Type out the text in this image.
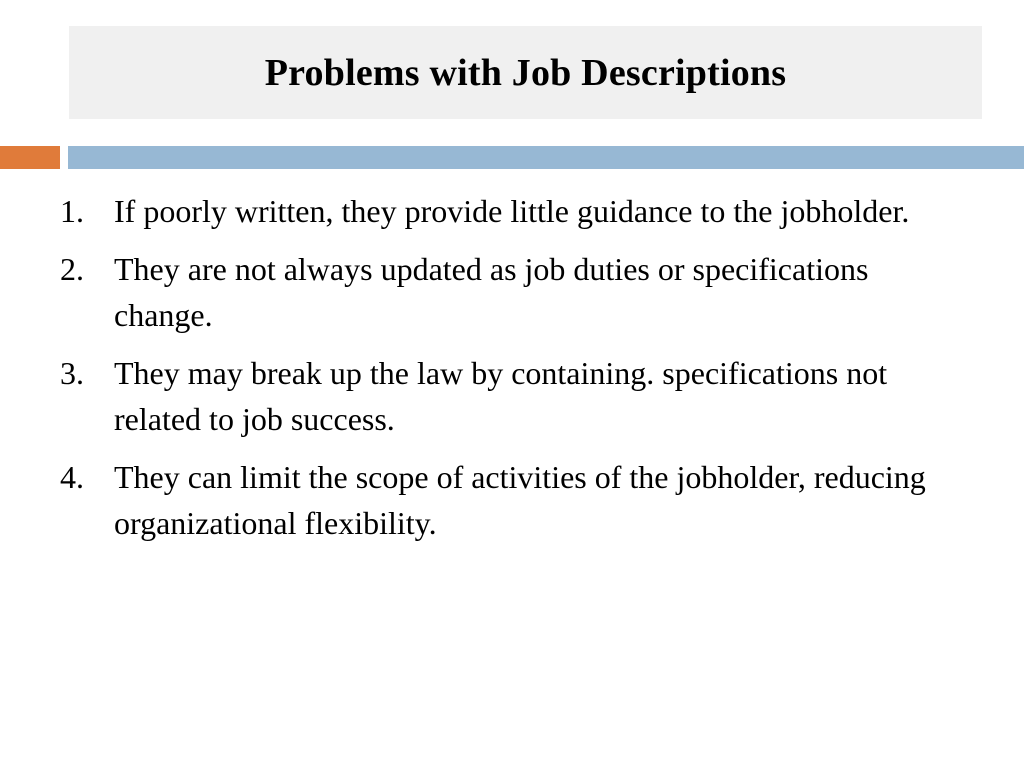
Problems with Job Descriptions
1. If poorly written, they provide little guidance to the jobholder.
2. They are not always updated as job duties or specifications change.
3. They may break up the law by containing. specifications not related to job success.
4. They can limit the scope of activities of the jobholder, reducing organizational flexibility.
